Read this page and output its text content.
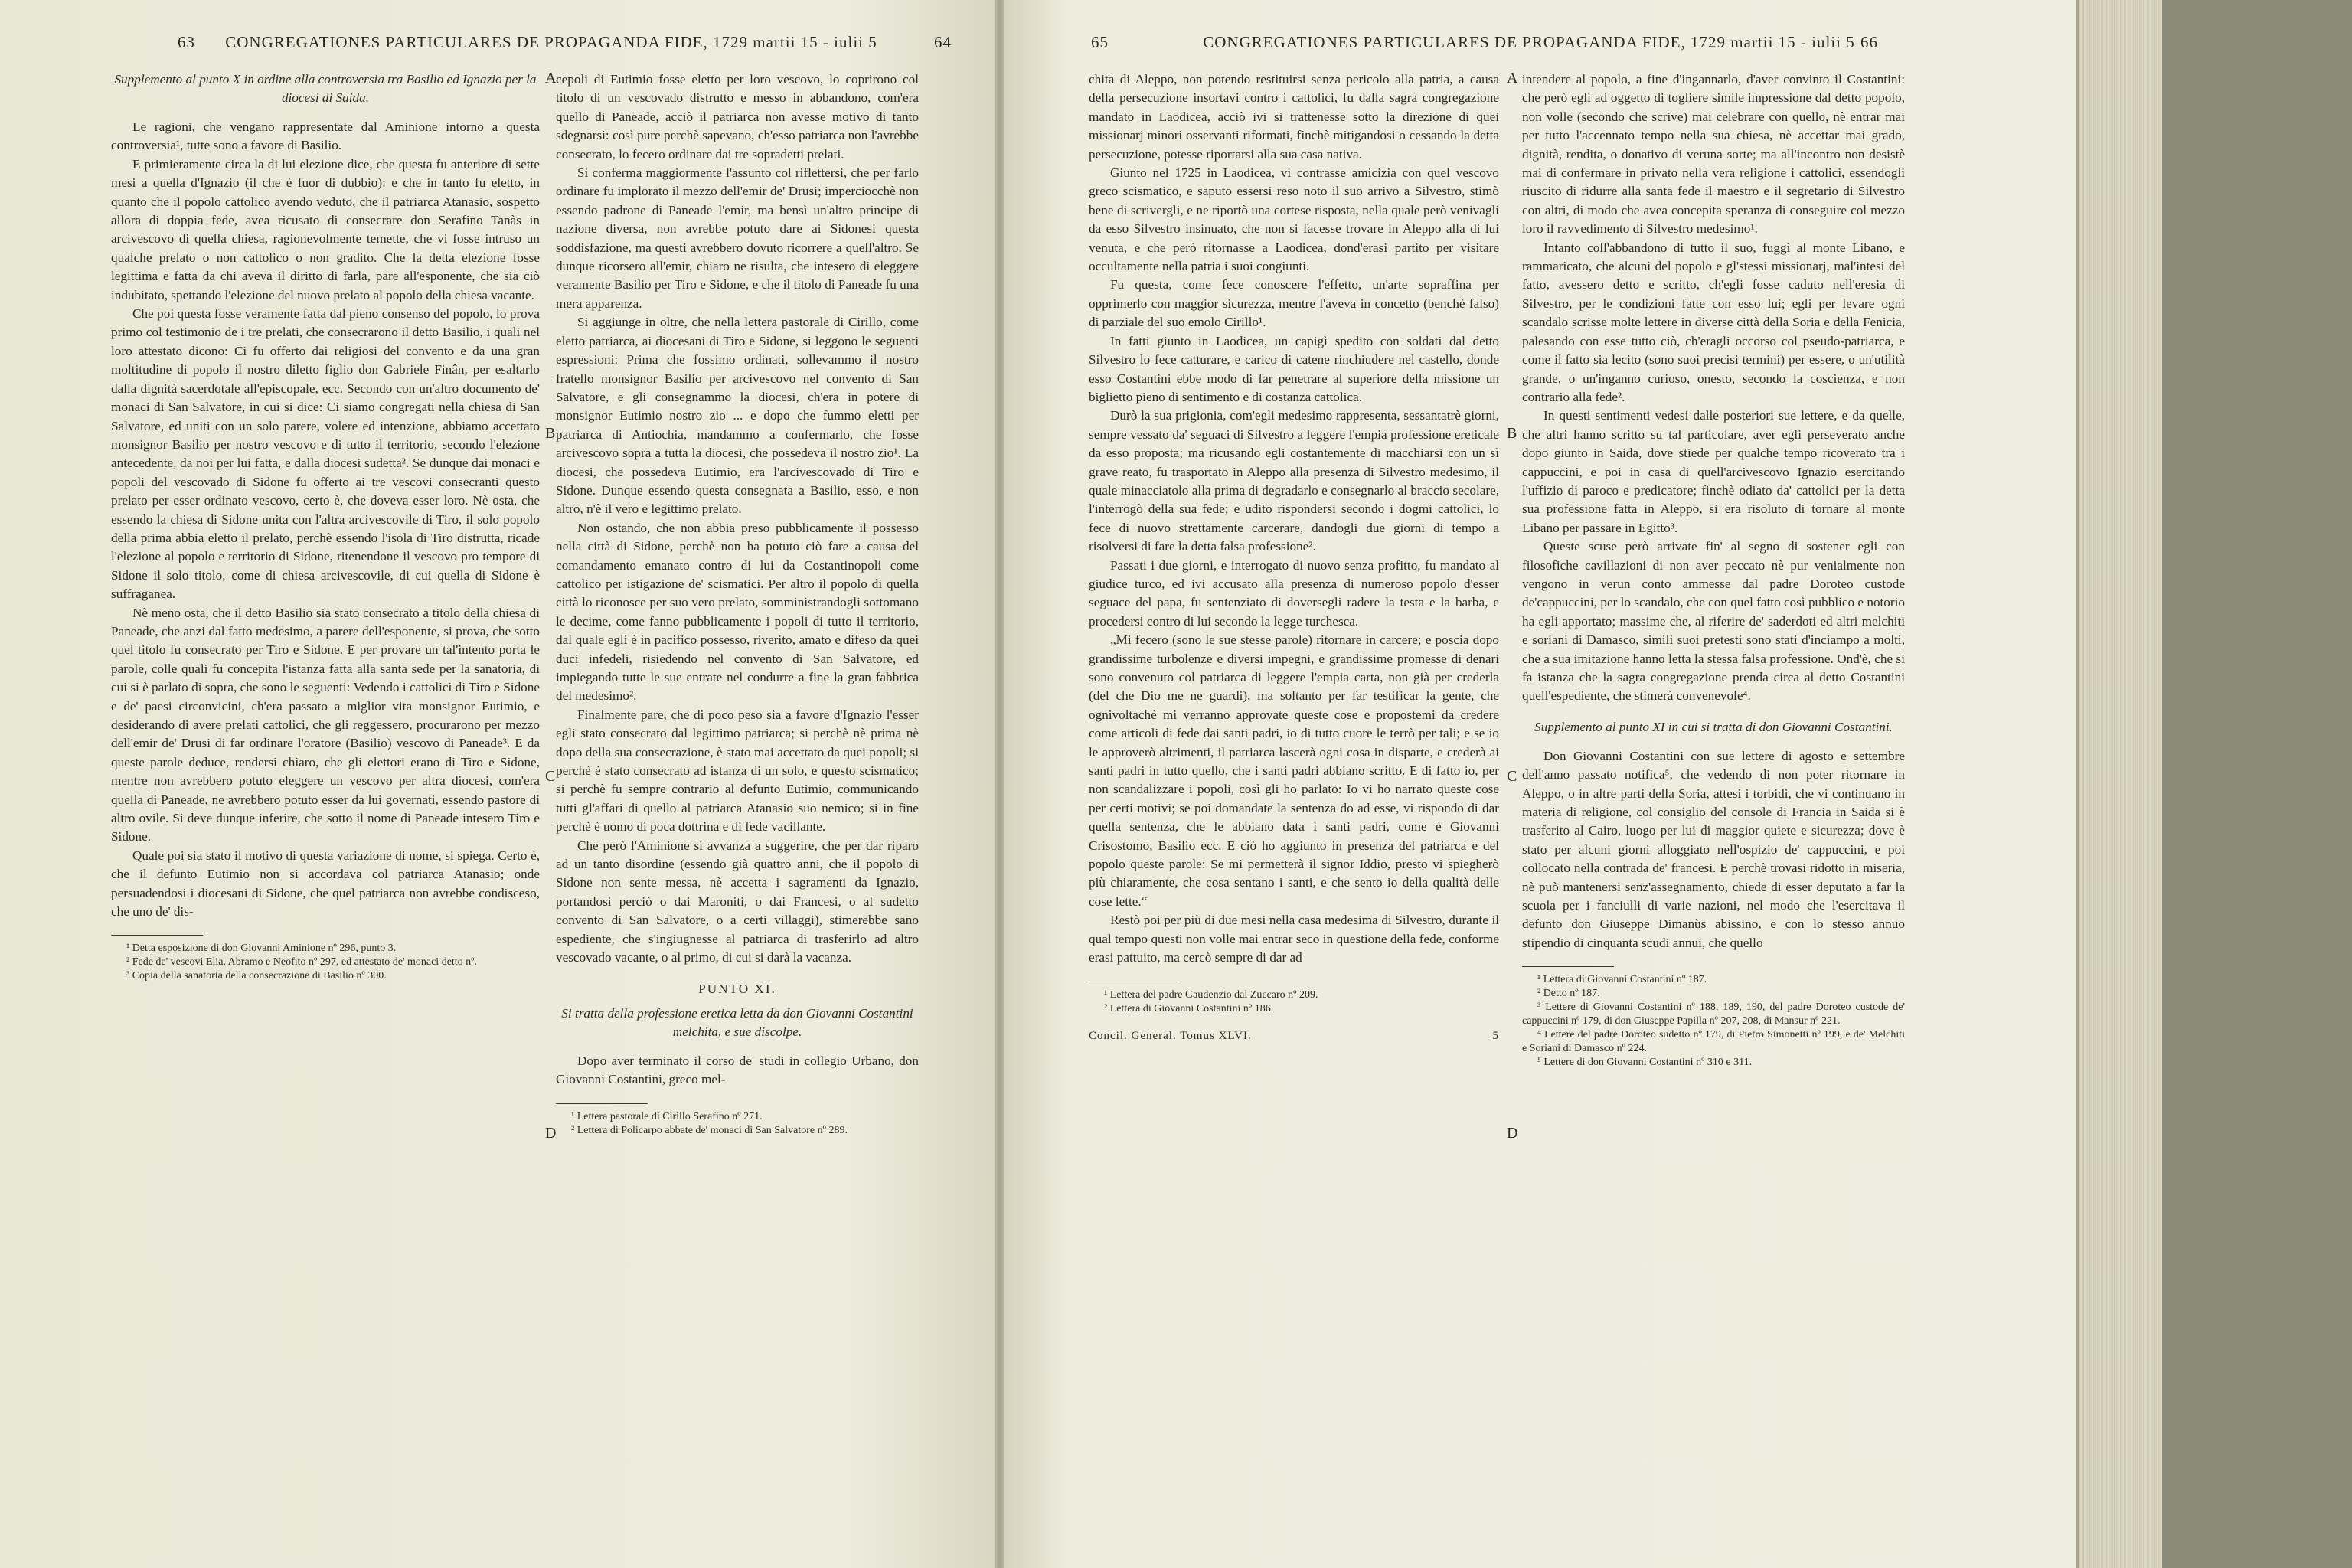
63	CONGREGATIONES PARTICULARES DE PROPAGANDA FIDE, 1729 martii 15 - iulii 5	64

Supplemento al punto X in ordine alla controversia tra Basilio ed Ignazio per la diocesi di Saida.

Le ragioni, che vengano rappresentate dal Aminione intorno a questa controversia¹, tutte sono a favore di Basilio.

E primieramente circa la di lui elezione dice, che questa fu anteriore di sette mesi a quella d'Ignazio (il che è fuor di dubbio): e che in tanto fu eletto, in quanto che il popolo cattolico avendo veduto, che il patriarca Atanasio, sospetto allora di doppia fede, avea ricusato di consecrare don Serafino Tanàs in arcivescovo di quella chiesa, ragionevolmente temette, che vi fosse intruso un qualche prelato o non cattolico o non gradito. Che la detta elezione fosse legittima e fatta da chi aveva il diritto di farla, pare all'esponente, che sia ciò indubitato, spettando l'elezione del nuovo prelato al popolo della chiesa vacante.

Che poi questa fosse veramente fatta dal pieno consenso del popolo, lo prova primo col testimonio de i tre prelati, che consecrarono il detto Basilio, i quali nel loro attestato dicono: Ci fu offerto dai religiosi del convento e da una gran moltitudine di popolo il nostro diletto figlio don Gabriele Finân, per esaltarlo dalla dignità sacerdotale all'episcopale, ecc. Secondo con un'altro documento de' monaci di San Salvatore, in cui si dice: Ci siamo congregati nella chiesa di San Salvatore, ed uniti con un solo parere, volere ed intenzione, abbiamo accettato monsignor Basilio per nostro vescovo e di tutto il territorio, secondo l'elezione antecedente, da noi per lui fatta, e dalla diocesi sudetta². Se dunque dai monaci e popoli del vescovado di Sidone fu offerto ai tre vescovi consecranti questo prelato per esser ordinato vescovo, certo è, che doveva esser loro. Nè osta, che essendo la chiesa di Sidone unita con l'altra arcivescovile di Tiro, il solo popolo della prima abbia eletto il prelato, perchè essendo l'isola di Tiro distrutta, ricade l'elezione al popolo e territorio di Sidone, ritenendone il vescovo pro tempore di Sidone il solo titolo, come di chiesa arcivescovile, di cui quella di Sidone è suffraganea.

Nè meno osta, che il detto Basilio sia stato consecrato a titolo della chiesa di Paneade, che anzi dal fatto medesimo, a parere dell'esponente, si prova, che sotto quel titolo fu consecrato per Tiro e Sidone. E per provare un tal'intento porta le parole, colle quali fu concepita l'istanza fatta alla santa sede per la sanatoria, di cui si è parlato di sopra, che sono le seguenti: Vedendo i cattolici di Tiro e Sidone e de' paesi circonvicini, ch'era passato a miglior vita monsignor Eutimio, e desiderando di avere prelati cattolici, che gli reggessero, procurarono per mezzo dell'emir de' Drusi di far ordinare l'oratore (Basilio) vescovo di Paneade³. E da queste parole deduce, rendersi chiaro, che gli elettori erano di Tiro e Sidone, mentre non avrebbero potuto eleggere un vescovo per altra diocesi, com'era quella di Paneade, ne avrebbero potuto esser da lui governati, essendo pastore di altro ovile. Si deve dunque inferire, che sotto il nome di Paneade intesero Tiro e Sidone.

Quale poi sia stato il motivo di questa variazione di nome, si spiega. Certo è, che il defunto Eutimio non si accordava col patriarca Atanasio; onde persuadendosi i diocesani di Sidone, che quel patriarca non avrebbe condisceso, che uno de' dis-

¹ Detta esposizione di don Giovanni Aminione nº 296, punto 3.

² Fede de' vescovi Elia, Abramo e Neofito nº 297, ed attestato de' monaci detto nº.

³ Copia della sanatoria della consecrazione di Basilio nº 300.

A
B
C
D

cepoli di Eutimio fosse eletto per loro vescovo, lo coprirono col titolo di un vescovado distrutto e messo in abbandono, com'era quello di Paneade, acciò il patriarca non avesse motivo di tanto sdegnarsi: così pure perchè sapevano, ch'esso patriarca non l'avrebbe consecrato, lo fecero ordinare dai tre sopradetti prelati.

Si conferma maggiormente l'assunto col riflettersi, che per farlo ordinare fu implorato il mezzo dell'emir de' Drusi; imperciocchè non essendo padrone di Paneade l'emir, ma bensì un'altro principe di nazione diversa, non avrebbe potuto dare ai Sidonesi questa soddisfazione, ma questi avrebbero dovuto ricorrere a quell'altro. Se dunque ricorsero all'emir, chiaro ne risulta, che intesero di eleggere veramente Basilio per Tiro e Sidone, e che il titolo di Paneade fu una mera apparenza.

Si aggiunge in oltre, che nella lettera pastorale di Cirillo, come eletto patriarca, ai diocesani di Tiro e Sidone, si leggono le seguenti espressioni: Prima che fossimo ordinati, sollevammo il nostro fratello monsignor Basilio per arcivescovo nel convento di San Salvatore, e gli consegnammo la diocesi, ch'era in potere di monsignor Eutimio nostro zio ... e dopo che fummo eletti per patriarca di Antiochia, mandammo a confermarlo, che fosse arcivescovo sopra a tutta la diocesi, che possedeva il nostro zio¹. La diocesi, che possedeva Eutimio, era l'arcivescovado di Tiro e Sidone. Dunque essendo questa consegnata a Basilio, esso, e non altro, n'è il vero e legittimo prelato.

Non ostando, che non abbia preso pubblicamente il possesso nella città di Sidone, perchè non ha potuto ciò fare a causa del comandamento emanato contro di lui da Costantinopoli come cattolico per istigazione de' scismatici. Per altro il popolo di quella città lo riconosce per suo vero prelato, somministrandogli sottomano le decime, come fanno pubblicamente i popoli di tutto il territorio, dal quale egli è in pacifico possesso, riverito, amato e difeso da quei duci infedeli, risiedendo nel convento di San Salvatore, ed impiegando tutte le sue entrate nel condurre a fine la gran fabbrica del medesimo².

Finalmente pare, che di poco peso sia a favore d'Ignazio l'esser egli stato consecrato dal legittimo patriarca; si perchè nè prima nè dopo della sua consecrazione, è stato mai accettato da quei popoli; si perchè è stato consecrato ad istanza di un solo, e questo scismatico; si perchè fu sempre contrario al defunto Eutimio, communicando tutti gl'affari di quello al patriarca Atanasio suo nemico; si in fine perchè è uomo di poca dottrina e di fede vacillante.

Che però l'Aminione si avvanza a suggerire, che per dar riparo ad un tanto disordine (essendo già quattro anni, che il popolo di Sidone non sente messa, nè accetta i sagramenti da Ignazio, portandosi perciò o dai Maroniti, o dai Francesi, o al sudetto convento di San Salvatore, o a certi villaggi), stimerebbe sano espediente, che s'ingiugnesse al patriarca di trasferirlo ad altro vescovado vacante, o al primo, di cui si darà la vacanza.

PUNTO XI.

Si tratta della professione eretica letta da don Giovanni Costantini melchita, e sue discolpe.

Dopo aver terminato il corso de' studi in collegio Urbano, don Giovanni Costantini, greco mel-

¹ Lettera pastorale di Cirillo Serafino nº 271.

² Lettera di Policarpo abbate de' monaci di San Salvatore nº 289.

65	CONGREGATIONES PARTICULARES DE PROPAGANDA FIDE, 1729 martii 15 - iulii 5 66

chita di Aleppo, non potendo restituirsi senza pericolo alla patria, a causa della persecuzione insortavi contro i cattolici, fu dalla sagra congregazione mandato in Laodicea, acciò ivi si trattenesse sotto la direzione di quei missionarj minori osservanti riformati, finchè mitigandosi o cessando la detta persecuzione, potesse riportarsi alla sua casa nativa.

Giunto nel 1725 in Laodicea, vi contrasse amicizia con quel vescovo greco scismatico, e saputo essersi reso noto il suo arrivo a Silvestro, stimò bene di scrivergli, e ne riportò una cortese risposta, nella quale però venivagli da esso Silvestro insinuato, che non si facesse trovare in Aleppo alla di lui venuta, e che però ritornasse a Laodicea, dond'erasi partito per visitare occultamente nella patria i suoi congiunti.

Fu questa, come fece conoscere l'effetto, un'arte sopraffina per opprimerlo con maggior sicurezza, mentre l'aveva in concetto (benchè falso) di parziale del suo emolo Cirillo¹.

In fatti giunto in Laodicea, un capigì spedito con soldati dal detto Silvestro lo fece catturare, e carico di catene rinchiudere nel castello, donde esso Costantini ebbe modo di far penetrare al superiore della missione un biglietto pieno di sentimento e di costanza cattolica.

Durò la sua prigionia, com'egli medesimo rappresenta, sessantatrè giorni, sempre vessato da' seguaci di Silvestro a leggere l'empia professione ereticale da esso proposta; ma ricusando egli costantemente di macchiarsi con un sì grave reato, fu trasportato in Aleppo alla presenza di Silvestro medesimo, il quale minacciatolo alla prima di degradarlo e consegnarlo al braccio secolare, l'interrogò della sua fede; e udito rispondersi secondo i dogmi cattolici, lo fece di nuovo strettamente carcerare, dandogli due giorni di tempo a risolversi di fare la detta falsa professione².

Passati i due giorni, e interrogato di nuovo senza profitto, fu mandato al giudice turco, ed ivi accusato alla presenza di numeroso popolo d'esser seguace del papa, fu sentenziato di doversegli radere la testa e la barba, e procedersi contro di lui secondo la legge turchesca.

„Mi fecero (sono le sue stesse parole) ritornare in carcere; e poscia dopo grandissime turbolenze e diversi impegni, e grandissime promesse di denari sono convenuto col patriarca di leggere l'empia carta, non già per crederla (del che Dio me ne guardi), ma soltanto per far testificar la gente, che ognivoltachè mi verranno approvate queste cose e propostemi da credere come articoli di fede dai santi padri, io di tutto cuore le terrò per tali; e se io le approverò altrimenti, il patriarca lascerà ogni cosa in disparte, e crederà ai santi padri in tutto quello, che i santi padri abbiano scritto. E di fatto io, per non scandalizzare i popoli, così gli ho parlato: Io vi ho narrato queste cose per certi motivi; se poi domandate la sentenza do ad esse, vi rispondo di dar quella sentenza, che le abbiano data i santi padri, come è Giovanni Crisostomo, Basilio ecc. E ciò ho aggiunto in presenza del patriarca e del popolo queste parole: Se mi permetterà il signor Iddio, presto vi spiegherò più chiaramente, che cosa sentano i santi, e che sento io della qualità delle cose lette.“

Restò poi per più di due mesi nella casa medesima di Silvestro, durante il qual tempo questi non volle mai entrar seco in questione della fede, conforme erasi pattuito, ma cercò sempre di dar ad

¹ Lettera del padre Gaudenzio dal Zuccaro nº 209.

² Lettera di Giovanni Costantini nº 186.

Concil. General. Tomus XLVI.	5
A
B
C
D

intendere al popolo, a fine d'ingannarlo, d'aver convinto il Costantini: che però egli ad oggetto di togliere simile impressione dal detto popolo, non volle (secondo che scrive) mai celebrare con quello, nè entrar mai per tutto l'accennato tempo nella sua chiesa, nè accettar mai grado, dignità, rendita, o donativo di veruna sorte; ma all'incontro non desistè mai di confermare in privato nella vera religione i cattolici, essendogli riuscito di ridurre alla santa fede il maestro e il segretario di Silvestro con altri, di modo che avea concepita speranza di conseguire col mezzo loro il ravvedimento di Silvestro medesimo¹.

Intanto coll'abbandono di tutto il suo, fuggì al monte Libano, e rammaricato, che alcuni del popolo e gl'stessi missionarj, mal'intesi del fatto, avessero detto e scritto, ch'egli fosse caduto nell'eresia di Silvestro, per le condizioni fatte con esso lui; egli per levare ogni scandalo scrisse molte lettere in diverse città della Soria e della Fenicia, palesando con esse tutto ciò, ch'eragli occorso col pseudo-patriarca, e come il fatto sia lecito (sono suoi precisi termini) per essere, o un'utilità grande, o un'inganno curioso, onesto, secondo la coscienza, e non contrario alla fede².

In questi sentimenti vedesi dalle posteriori sue lettere, e da quelle, che altri hanno scritto su tal particolare, aver egli perseverato anche dopo giunto in Saida, dove stiede per qualche tempo ricoverato tra i cappuccini, e poi in casa di quell'arcivescovo Ignazio esercitando l'uffizio di paroco e predicatore; finchè odiato da' cattolici per la detta sua professione fatta in Aleppo, si era risoluto di tornare al monte Libano per passare in Egitto³.

Queste scuse però arrivate fin' al segno di sostener egli con filosofiche cavillazioni di non aver peccato nè pur venialmente non vengono in verun conto ammesse dal padre Doroteo custode de'cappuccini, per lo scandalo, che con quel fatto così pubblico e notorio ha egli apportato; massime che, al riferire de' saderdoti ed altri melchiti e soriani di Damasco, simili suoi pretesti sono stati d'inciampo a molti, che a sua imitazione hanno letta la stessa falsa professione. Ond'è, che si fa istanza che la sagra congregazione prenda circa al detto Costantini quell'espediente, che stimerà convenevole⁴.

Supplemento al punto XI in cui si tratta di don Giovanni Costantini.

Don Giovanni Costantini con sue lettere di agosto e settembre dell'anno passato notifica⁵, che vedendo di non poter ritornare in Aleppo, o in altre parti della Soria, attesi i torbidi, che vi continuano in materia di religione, col consiglio del console di Francia in Saida si è trasferito al Cairo, luogo per lui di maggior quiete e sicurezza; dove è stato per alcuni giorni alloggiato nell'ospizio de' cappuccini, e poi collocato nella contrada de' francesi. E perchè trovasi ridotto in miseria, nè può mantenersi senz'assegnamento, chiede di esser deputato a far la scuola per i fanciulli di varie nazioni, nel modo che l'esercitava il defunto don Giuseppe Dimanùs abissino, e con lo stesso annuo stipendio di cinquanta scudi annui, che quello

¹ Lettera di Giovanni Costantini nº 187.

² Detto nº 187.

³ Lettere di Giovanni Costantini nº 188, 189, 190, del padre Doroteo custode de' cappuccini nº 179, di don Giuseppe Papilla nº 207, 208, di Mansur nº 221.

⁴ Lettere del padre Doroteo sudetto nº 179, di Pietro Simonetti nº 199, e de' Melchiti e Soriani di Damasco nº 224.

⁵ Lettere di don Giovanni Costantini nº 310 e 311.
